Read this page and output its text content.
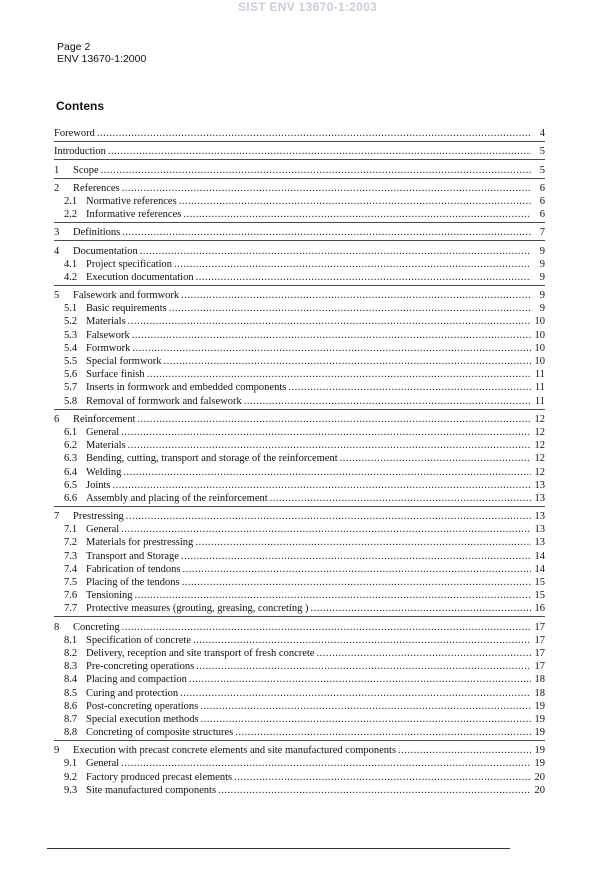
SIST ENV 13670-1:2003
Page 2
ENV 13670-1:2000
Contens
Foreword .....	4
Introduction .....	5
1	Scope .....	5
2	References .....	6
2.1 Normative references .....	6
2.2 Informative references .....	6
3	Definitions .....	7
4	Documentation .....	9
4.1 Project specification .....	9
4.2 Execution documentation .....	9
5	Falsework and formwork .....	9
5.1 Basic requirements .....	9
5.2 Materials .....	10
5.3 Falsework .....	10
5.4 Formwork .....	10
5.5 Special formwork .....	10
5.6 Surface finish .....	11
5.7 Inserts in formwork and embedded components .....	11
5.8 Removal of formwork and falsework .....	11
6	Reinforcement .....	12
6.1 General .....	12
6.2 Materials .....	12
6.3 Bending, cutting, transport and storage of the reinforcement .....	12
6.4 Welding .....	12
6.5 Joints .....	13
6.6 Assembly and placing of the reinforcement .....	13
7	Prestressing .....	13
7.1 General .....	13
7.2 Materials for prestressing .....	13
7.3 Transport and Storage .....	14
7.4 Fabrication of tendons .....	14
7.5 Placing of the tendons .....	15
7.6 Tensioning .....	15
7.7 Protective measures (grouting, greasing, concreting ) .....	16
8	Concreting .....	17
8.1 Specification of concrete .....	17
8.2 Delivery, reception and site transport of fresh concrete .....	17
8.3 Pre-concreting operations .....	17
8.4 Placing and compaction .....	18
8.5 Curing and protection .....	18
8.6 Post-concreting operations .....	19
8.7 Special execution methods .....	19
8.8 Concreting of composite structures .....	19
9	Execution with precast concrete elements and site manufactured components .....	19
9.1 General .....	19
9.2 Factory produced precast elements .....	20
9.3 Site manufactured components .....	20
